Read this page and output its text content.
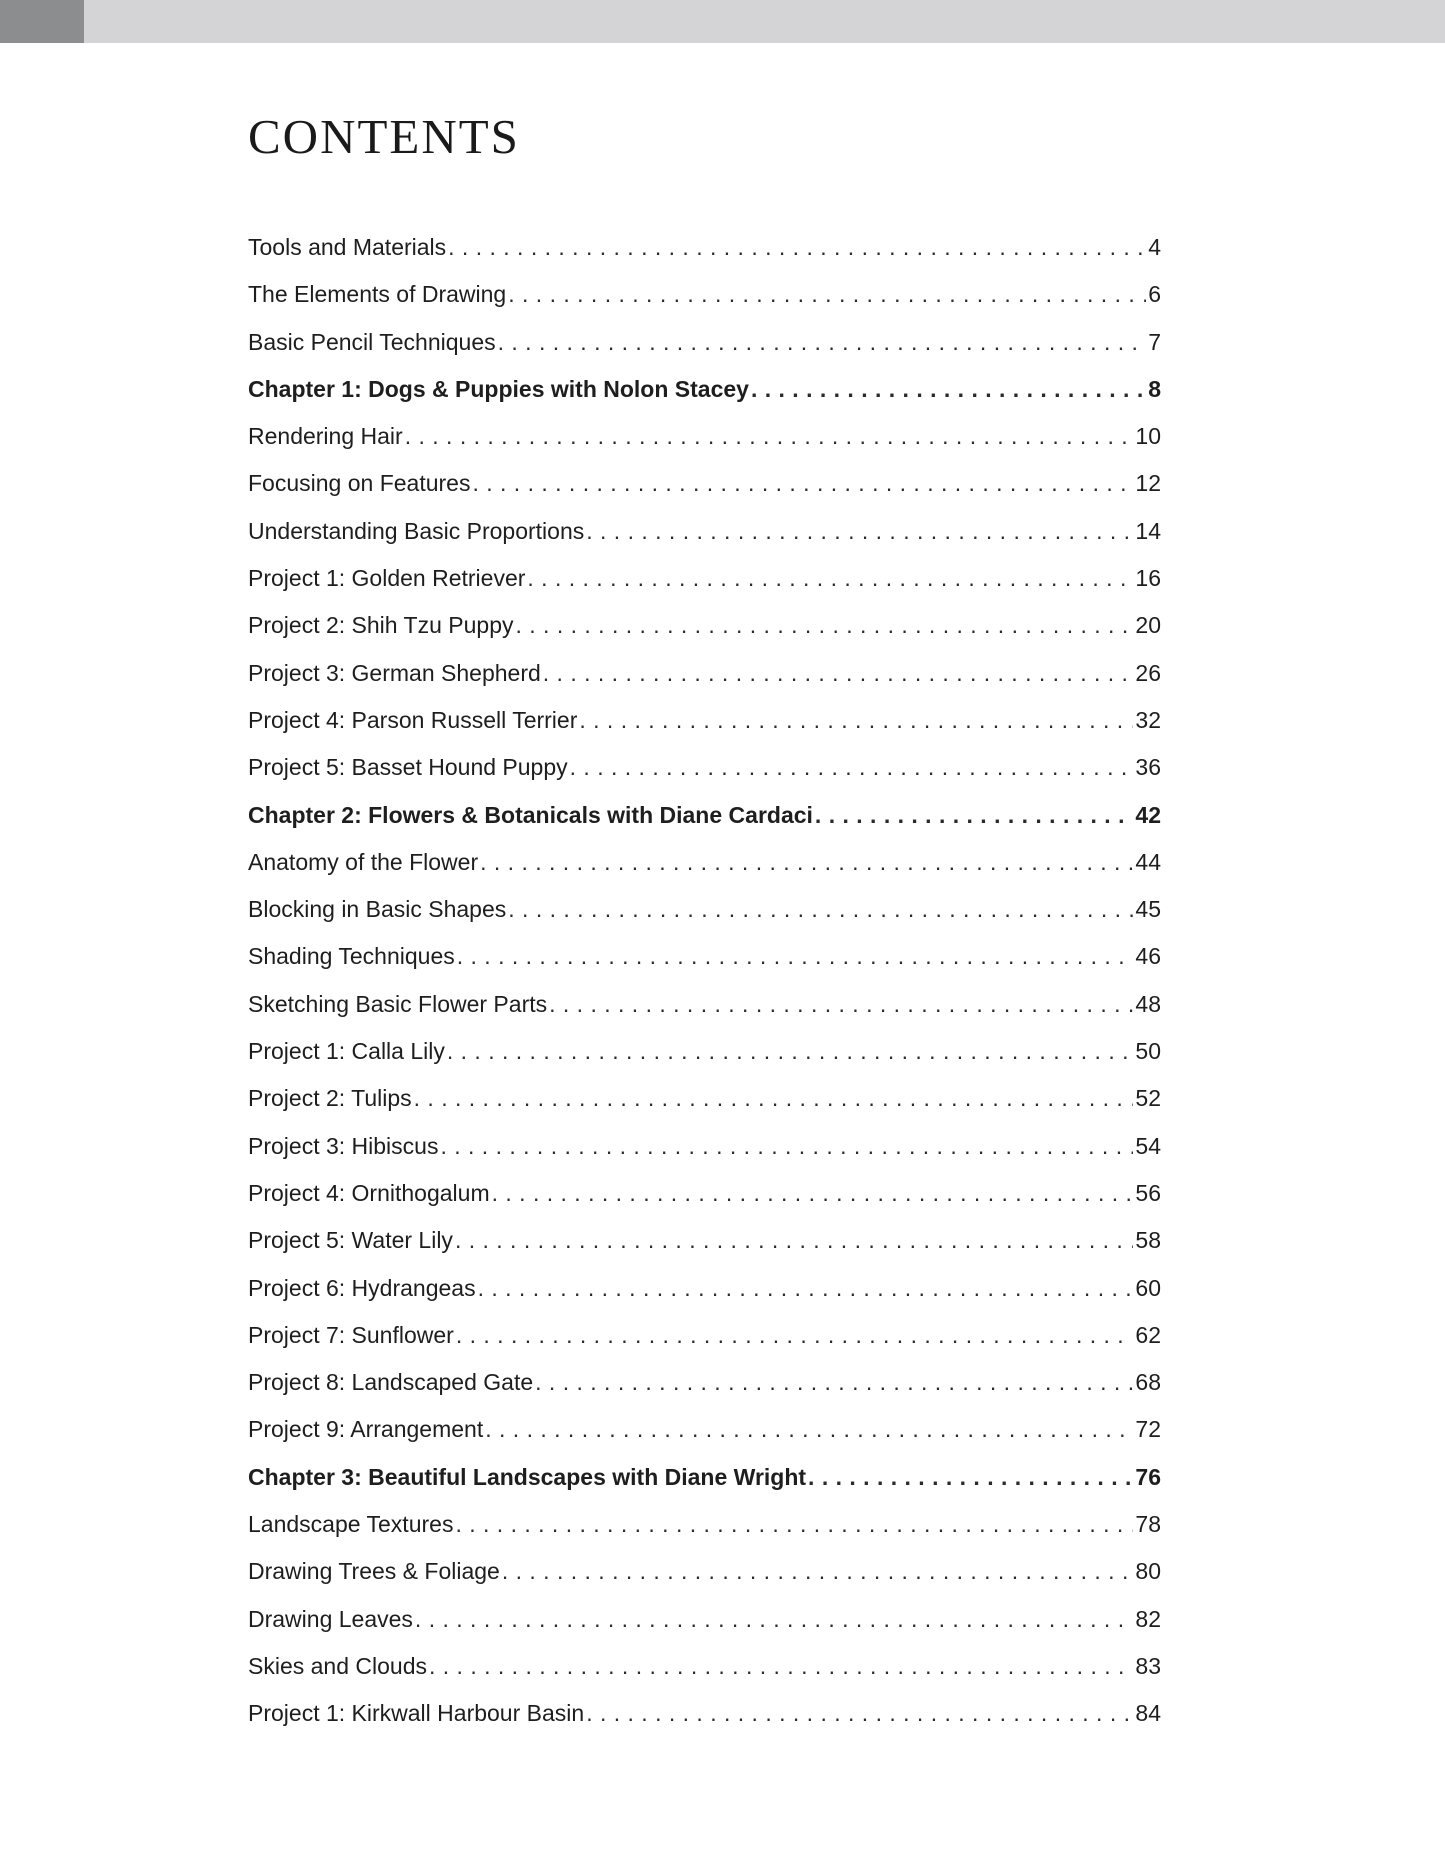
CONTENTS
Tools and Materials . . .	4
The Elements of Drawing . . .	6
Basic Pencil Techniques . . .	7
Chapter 1: Dogs & Puppies with Nolon Stacey . . .	8
Rendering Hair . . .	10
Focusing on Features . . .	12
Understanding Basic Proportions . . .	14
Project 1: Golden Retriever . . .	16
Project 2: Shih Tzu Puppy . . .	20
Project 3: German Shepherd . . .	26
Project 4: Parson Russell Terrier . . .	32
Project 5: Basset Hound Puppy . . .	36
Chapter 2: Flowers & Botanicals with Diane Cardaci . . .	42
Anatomy of the Flower . . .	44
Blocking in Basic Shapes . . .	45
Shading Techniques . . .	46
Sketching Basic Flower Parts . . .	48
Project 1: Calla Lily . . .	50
Project 2: Tulips . . .	52
Project 3: Hibiscus . . .	54
Project 4: Ornithogalum . . .	56
Project 5: Water Lily . . .	58
Project 6: Hydrangeas . . .	60
Project 7: Sunflower . . .	62
Project 8: Landscaped Gate . . .	68
Project 9: Arrangement . . .	72
Chapter 3: Beautiful Landscapes with Diane Wright . . .	76
Landscape Textures . . .	78
Drawing Trees & Foliage . . .	80
Drawing Leaves . . .	82
Skies and Clouds . . .	83
Project 1: Kirkwall Harbour Basin . . .	84
